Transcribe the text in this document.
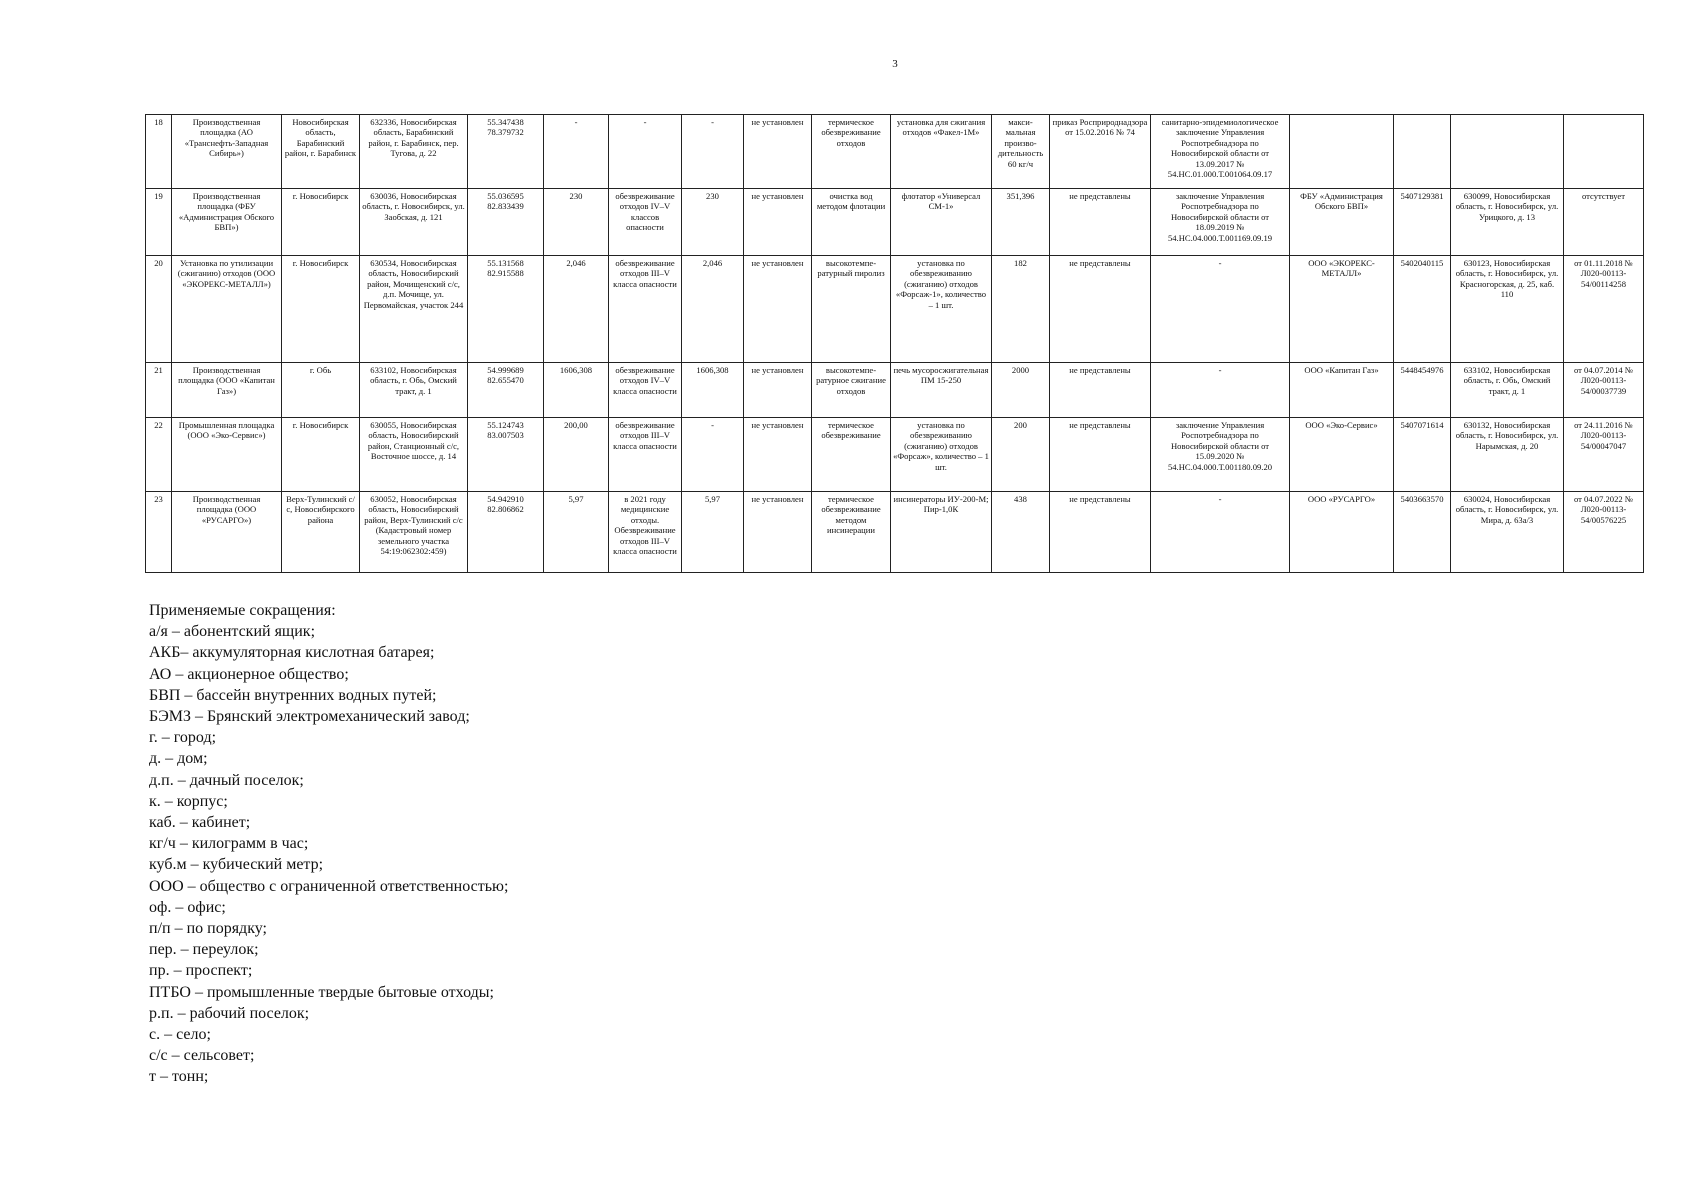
3
18	Производственная площадка (АО «Транснефть-Западная Сибирь»)	Новосибирская область, Барабинский район, г. Барабинск	632336, Новосибирская область, Барабинский район, г. Барабинск, пер. Тугова, д. 22	55.347438 78.379732	-	-	-	не установлен	термическое обезвреживание отходов	установка для сжигания отходов «Факел-1М»	макси-мальная произво-дительность 60 кг/ч	приказ Росприроднадзора от 15.02.2016 № 74	санитарно-эпидемиологическое заключение Управления Роспотребнадзора по Новосибирской области от 13.09.2017 № 54.НС.01.000.Т.001064.09.17				
19	Производственная площадка (ФБУ «Администрация Обского БВП»)	г. Новосибирск	630036, Новосибирская область, г. Новосибирск, ул. Заобская, д. 121	55.036595 82.833439	230	обезвреживание отходов IV–V классов опасности	230	не установлен	очистка вод методом флотации	флотатор «Универсал СМ-1»	351,396	не представлены	заключение Управления Роспотребнадзора по Новосибирской области от 18.09.2019 № 54.НС.04.000.Т.001169.09.19	ФБУ «Администрация Обского БВП»	5407129381	630099, Новосибирская область, г. Новосибирск, ул. Урицкого, д. 13	отсутствует
20	Установка по утилизации (сжиганию) отходов (ООО «ЭКОРЕКС-МЕТАЛЛ»)	г. Новосибирск	630534, Новосибирская область, Новосибирский район, Мочищенский с/с, д.п. Мочище, ул. Первомайская, участок 244	55.131568 82.915588	2,046	обезвреживание отходов III–V класса опасности	2,046	не установлен	высокотемпе-ратурный пиролиз	установка по обезвреживанию (сжиганию) отходов «Форсаж-1», количество – 1 шт.	182	не представлены	-	ООО «ЭКОРЕКС-МЕТАЛЛ»	5402040115	630123, Новосибирская область, г. Новосибирск, ул. Красногорская, д. 25, каб. 110	от 01.11.2018 № Л020-00113-54/00114258
21	Производственная площадка (ООО «Капитан Газ»)	г. Обь	633102, Новосибирская область, г. Обь, Омский тракт, д. 1	54.999689 82.655470	1606,308	обезвреживание отходов IV–V класса опасности	1606,308	не установлен	высокотемпе-ратурное сжигание отходов	печь мусоросжигательная ПМ 15-250	2000	не представлены	-	ООО «Капитан Газ»	5448454976	633102, Новосибирская область, г. Обь, Омский тракт, д. 1	от 04.07.2014 № Л020-00113-54/00037739
22	Промышленная площадка (ООО «Эко-Сервис»)	г. Новосибирск	630055, Новосибирская область, Новосибирский район, Станционный с/с, Восточное шоссе, д. 14	55.124743 83.007503	200,00	обезвреживание отходов III–V класса опасности	-	не установлен	термическое обезвреживание	установка по обезвреживанию (сжиганию) отходов «Форсаж», количество – 1 шт.	200	не представлены	заключение Управления Роспотребнадзора по Новосибирской области от 15.09.2020 № 54.НС.04.000.Т.001180.09.20	ООО «Эко-Сервис»	5407071614	630132, Новосибирская область, г. Новосибирск, ул. Нарымская, д. 20	от 24.11.2016 № Л020-00113-54/00047047
23	Производственная площадка (ООО «РУСАРГО»)	Верх-Тулинский с/с, Новосибирского района	630052, Новосибирская область, Новосибирский район, Верх-Тулинский с/с (Кадастровый номер земельного участка 54:19:062302:459)	54.942910 82.806862	5,97	в 2021 году медицинские отходы. Обезвреживание отходов III–V класса опасности	5,97	не установлен	термическое обезвреживание методом инсинерации	инсинераторы ИУ-200-М; Пир-1,0К	438	не представлены	-	ООО «РУСАРГО»	5403663570	630024, Новосибирская область, г. Новосибирск, ул. Мира, д. 63а/3	от 04.07.2022 № Л020-00113-54/00576225
Применяемые сокращения:
а/я – абонентский ящик;
АКБ– аккумуляторная кислотная батарея;
АО – акционерное общество;
БВП – бассейн внутренних водных путей;
БЭМЗ – Брянский электромеханический завод;
г. – город;
д. – дом;
д.п. – дачный поселок;
к. – корпус;
каб. – кабинет;
кг/ч – килограмм в час;
куб.м – кубический метр;
ООО – общество с ограниченной ответственностью;
оф. – офис;
п/п – по порядку;
пер. – переулок;
пр. – проспект;
ПТБО – промышленные твердые бытовые отходы;
р.п. – рабочий поселок;
с. – село;
с/с – сельсовет;
т – тонн;
